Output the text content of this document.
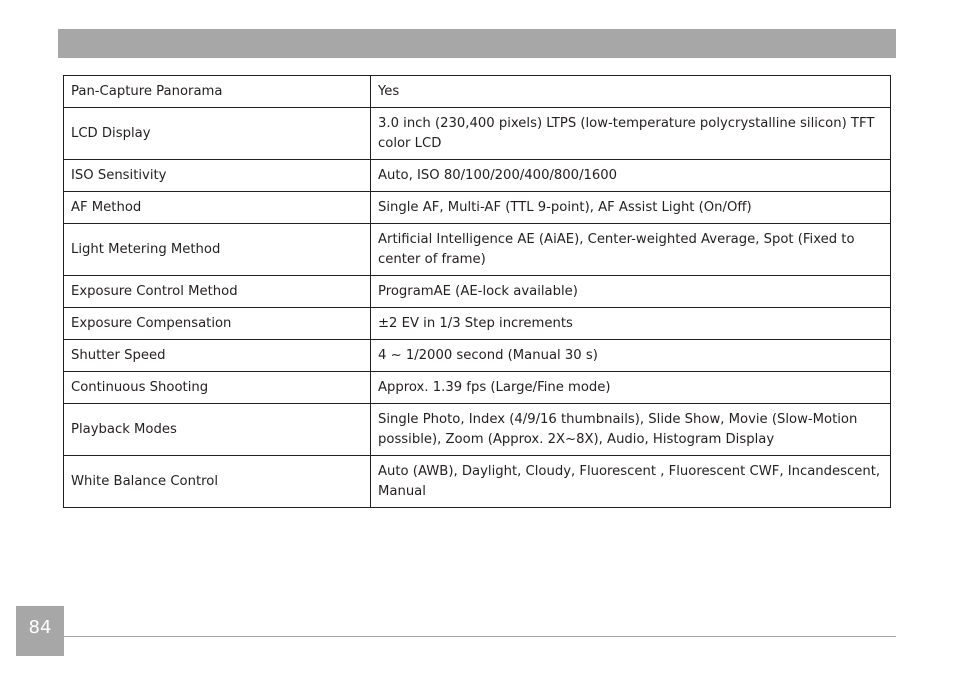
Pan-Capture Panorama	Yes
LCD Display	3.0 inch (230,400 pixels) LTPS (low-temperature polycrystalline silicon) TFT color LCD
ISO Sensitivity	Auto, ISO 80/100/200/400/800/1600
AF Method	Single AF, Multi-AF (TTL 9-point), AF Assist Light (On/Off)
Light Metering Method	Artificial Intelligence AE (AiAE), Center-weighted Average, Spot (Fixed to center of frame)
Exposure Control Method	ProgramAE (AE-lock available)
Exposure Compensation	±2 EV in 1/3 Step increments
Shutter Speed	4 ~ 1/2000 second (Manual 30 s)
Continuous Shooting	Approx. 1.39 fps (Large/Fine mode)
Playback Modes	Single Photo, Index (4/9/16 thumbnails), Slide Show, Movie (Slow-Motion possible), Zoom (Approx. 2X~8X), Audio, Histogram Display
White Balance Control	Auto (AWB), Daylight, Cloudy, Fluorescent , Fluorescent CWF, Incandescent, Manual
84
